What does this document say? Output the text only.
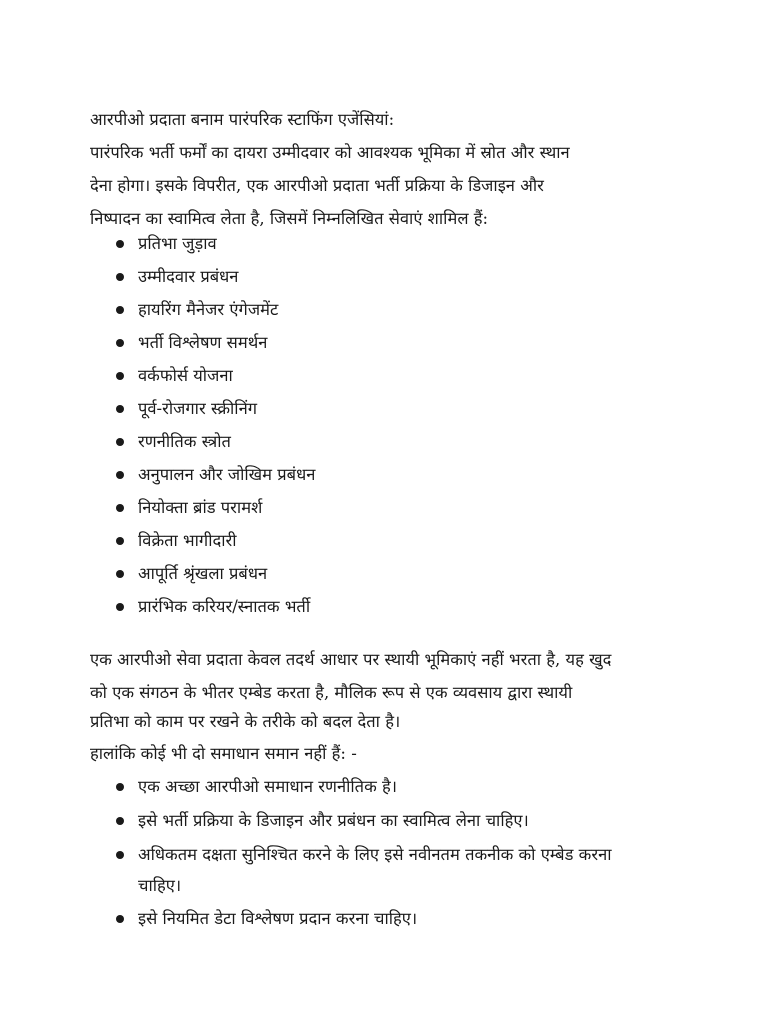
आरपीओ प्रदाता बनाम पारंपरिक स्टाफिंग एजेंसियां:
पारंपरिक भर्ती फर्मों का दायरा उम्मीदवार को आवश्यक भूमिका में स्रोत और स्थान
देना होगा। इसके विपरीत, एक आरपीओ प्रदाता भर्ती प्रक्रिया के डिजाइन और
निष्पादन का स्वामित्व लेता है, जिसमें निम्नलिखित सेवाएं शामिल हैं:
प्रतिभा जुड़ाव
उम्मीदवार प्रबंधन
हायरिंग मैनेजर एंगेजमेंट
भर्ती विश्लेषण समर्थन
वर्कफोर्स योजना
पूर्व-रोजगार स्क्रीनिंग
रणनीतिक स्त्रोत
अनुपालन और जोखिम प्रबंधन
नियोक्ता ब्रांड परामर्श
विक्रेता भागीदारी
आपूर्ति श्रृंखला प्रबंधन
प्रारंभिक करियर/स्नातक भर्ती
एक आरपीओ सेवा प्रदाता केवल तदर्थ आधार पर स्थायी भूमिकाएं नहीं भरता है, यह खुद
को एक संगठन के भीतर एम्बेड करता है, मौलिक रूप से एक व्यवसाय द्वारा स्थायी
प्रतिभा को काम पर रखने के तरीके को बदल देता है।
हालांकि कोई भी दो समाधान समान नहीं हैं: -
एक अच्छा आरपीओ समाधान रणनीतिक है।
इसे भर्ती प्रक्रिया के डिजाइन और प्रबंधन का स्वामित्व लेना चाहिए।
अधिकतम दक्षता सुनिश्चित करने के लिए इसे नवीनतम तकनीक को एम्बेड करना
चाहिए।
इसे नियमित डेटा विश्लेषण प्रदान करना चाहिए।
